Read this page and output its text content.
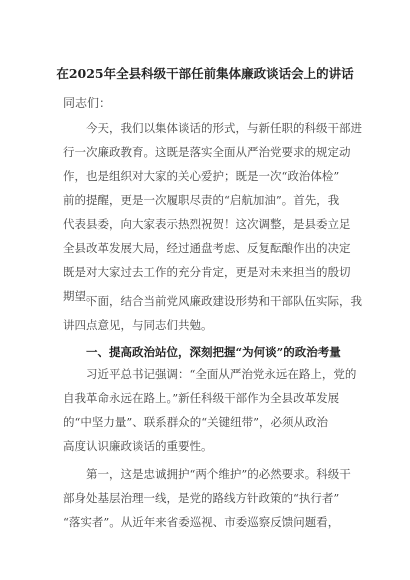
在2025年全县科级干部任前集体廉政谈话会上的讲话
同志们：
今天，我们以集体谈话的形式，与新任职的科级干部进
行一次廉政教育。这既是落实全面从严治党要求的规定动
作，也是组织对大家的关心爱护；既是一次“政治体检”
前的提醒，更是一次履职尽责的“启航加油”。首先，我
代表县委，向大家表示热烈祝贺！这次调整，是县委立足
全县改革发展大局，经过通盘考虑、反复酝酿作出的决定
既是对大家过去工作的充分肯定，更是对未来担当的殷切
期望。
下面，结合当前党风廉政建设形势和干部队伍实际，我
讲四点意见，与同志们共勉。
一、提高政治站位，深刻把握“为何谈”的政治考量
习近平总书记强调：“全面从严治党永远在路上，党的
自我革命永远在路上。”新任科级干部作为全县改革发展
的“中坚力量”、联系群众的“关键纽带”，必须从政治
高度认识廉政谈话的重要性。
第一，这是忠诚拥护“两个维护”的必然要求。科级干
部身处基层治理一线，是党的路线方针政策的“执行者”
“落实者”。从近年来省委巡视、市委巡察反馈问题看，
